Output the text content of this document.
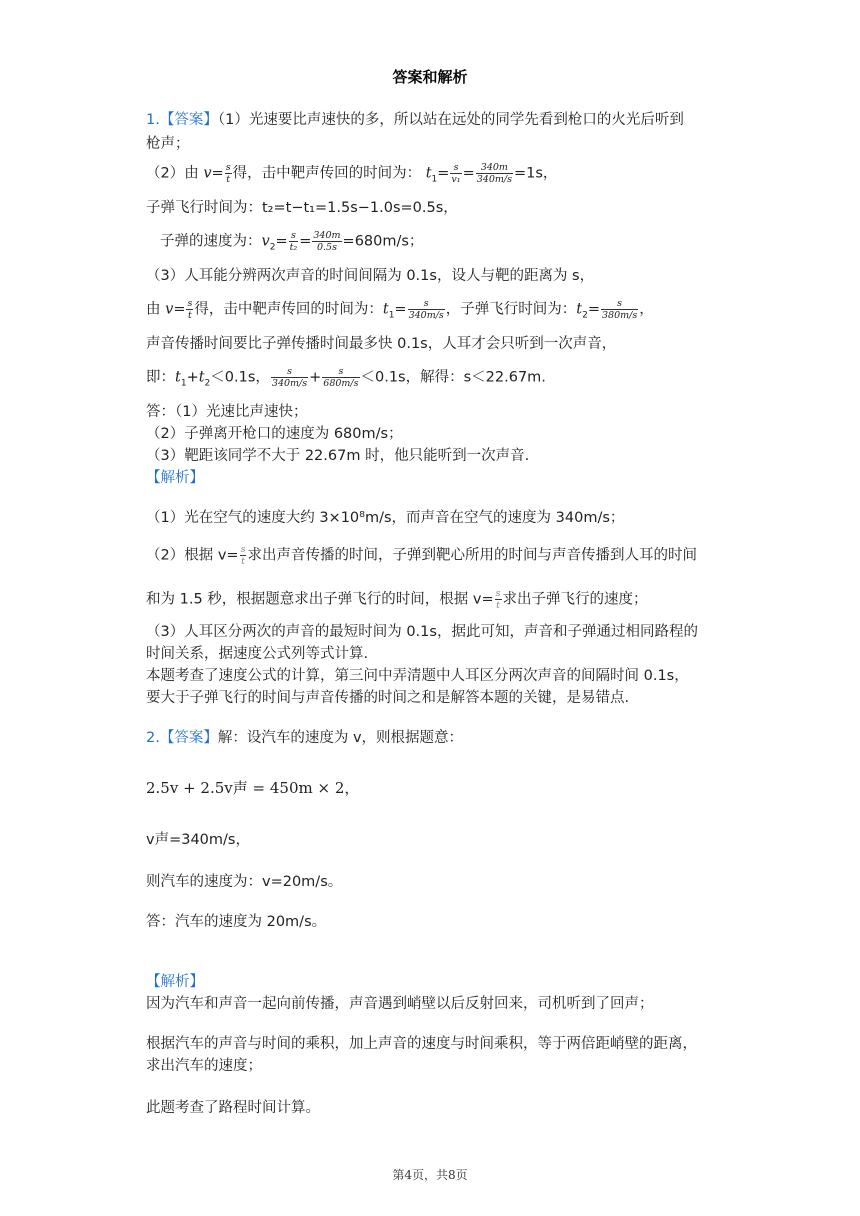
答案和解析
1.【答案】（1）光速要比声速快的多，所以站在远处的同学先看到枪口的火光后听到
枪声；
（2）由 $v= \frac{s}{t}$ 得，击中靶声传回的时间为： $t_1= \frac{s}{\text{v₁}} = \frac{340m}{340m/s} =1s$，
子弹飞行时间为：t₂=t−t₁=1.5s−1.0s=0.5s，
子弹的速度为：$v_2= \frac{s}{\text{t₂}} = \frac{340m}{0.5s} =680m/s$；
（3）人耳能分辨两次声音的时间间隔为 0.1s，设人与靶的距离为 s，
由 $v= \frac{s}{t}$ 得，击中靶声传回的时间为：$t_1= \frac{s}{340m/s}$ ，子弹飞行时间为：$t_2= \frac{s}{380m/s}$ ，
声音传播时间要比子弹传播时间最多快 0.1s，人耳才会只听到一次声音，
即：$t_1+t_2<0.1s$， $\frac{s}{340m/s} + \frac{s}{680m/s} <0.1s$，解得：s＜22.67m.
答：（1）光速比声速快；
（2）子弹离开枪口的速度为 680m/s；
（3）靶距该同学不大于 22.67m 时，他只能听到一次声音.
【解析】
（1）光在空气的速度大约 3×10⁸m/s，而声音在空气的速度为 340m/s；
（2）根据 $v= \frac{s}{t}$ 求出声音传播的时间，子弹到靶心所用的时间与声音传播到人耳的时间
和为 1.5 秒，根据题意求出子弹飞行的时间，根据 $v= \frac{s}{t}$ 求出子弹飞行的速度；
（3）人耳区分两次的声音的最短时间为 0.1s，据此可知，声音和子弹通过相同路程的
时间关系，据速度公式列等式计算.
本题考查了速度公式的计算，第三问中弄清题中人耳区分两次声音的间隔时间 0.1s，
要大于子弹飞行的时间与声音传播的时间之和是解答本题的关键，是易错点.
2.【答案】解：设汽车的速度为 v，则根据题意：
2.5v + 2.5v声 = 450m × 2，
v声=340m/s，
则汽车的速度为：v=20m/s。
答：汽车的速度为 20m/s。
【解析】
因为汽车和声音一起向前传播，声音遇到峭壁以后反射回来，司机听到了回声；
根据汽车的声音与时间的乘积，加上声音的速度与时间乘积，等于两倍距峭壁的距离，
求出汽车的速度；
此题考查了路程时间计算。
第4页，共8页
